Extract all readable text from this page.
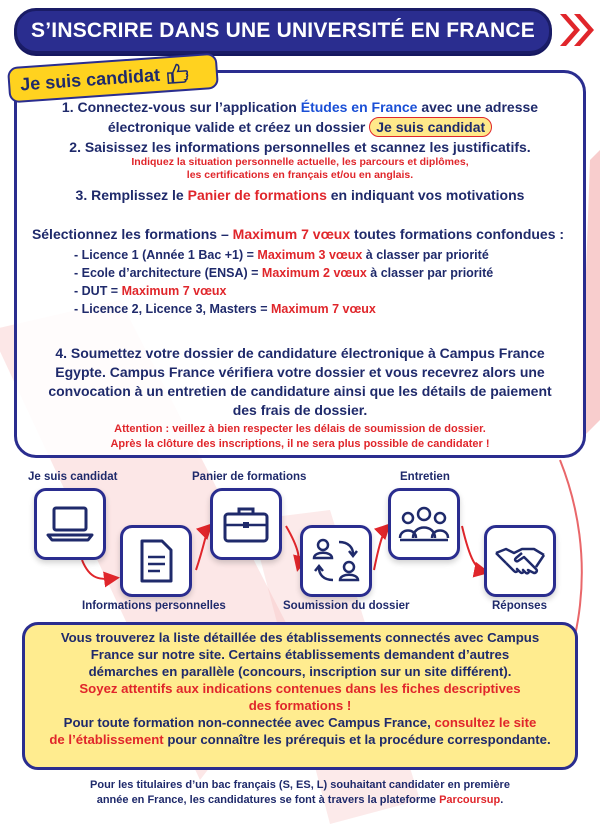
S’INSCRIRE DANS UNE UNIVERSITÉ EN FRANCE
Je suis candidat
1. Connectez-vous sur l’application Études en France avec une adresse
électronique valide et créez un dossier Je suis candidat
2. Saisissez les informations personnelles et scannez les justificatifs.
Indiquez la situation personnelle actuelle, les parcours et diplômes,
les certifications en français et/ou en anglais.
3. Remplissez le Panier de formations en indiquant vos motivations
Sélectionnez les formations – Maximum 7 vœux toutes formations confondues :
- Licence 1 (Année 1 Bac +1) = Maximum 3 vœux à classer par priorité
- Ecole d’architecture (ENSA) = Maximum 2 vœux à classer par priorité
- DUT = Maximum 7 vœux
- Licence 2, Licence 3, Masters = Maximum 7 vœux
4. Soumettez votre dossier de candidature électronique à Campus France
Egypte. Campus France vérifiera votre dossier et vous recevrez alors une
convocation à un entretien de candidature ainsi que les détails de paiement
des frais de dossier.
Attention : veillez à bien respecter les délais de soumission de dossier.
Après la clôture des inscriptions, il ne sera plus possible de candidater !
Je suis candidat
Informations personnelles
Panier de formations
Soumission du dossier
Entretien
Réponses
Vous trouverez la liste détaillée des établissements connectés avec Campus
France sur notre site. Certains établissements demandent d’autres
démarches en parallèle (concours, inscription sur un site différent).
Soyez attentifs aux indications contenues dans les fiches descriptives
des formations !
Pour toute formation non-connectée avec Campus France, consultez le site
de l’établissement pour connaître les prérequis et la procédure correspondante.
Pour les titulaires d’un bac français (S, ES, L) souhaitant candidater en première
année en France, les candidatures se font à travers la plateforme Parcoursup.
